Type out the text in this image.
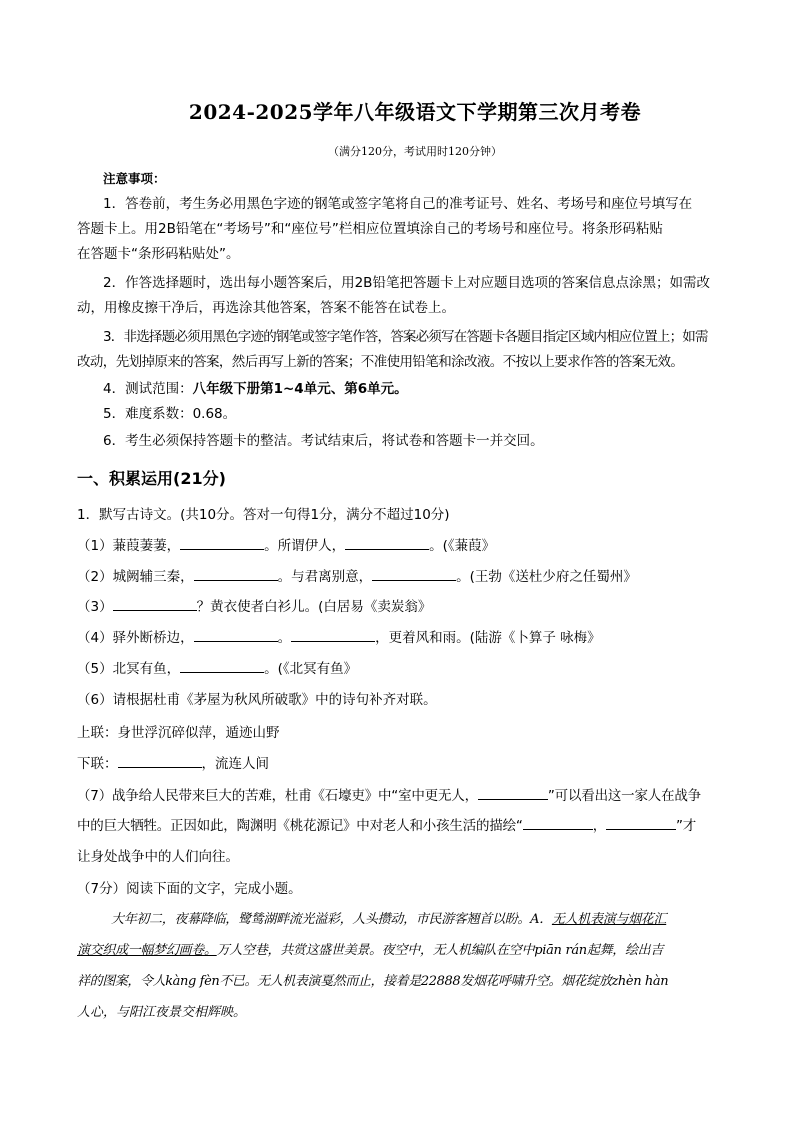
2024-2025学年八年级语文下学期第三次月考卷
（满分120分，考试用时120分钟）
注意事项：
1．答卷前，考生务必用黑色字迹的钢笔或签字笔将自己的准考证号、姓名、考场号和座位号填写在
答题卡上。用2B铅笔在“考场号”和“座位号”栏相应位置填涂自己的考场号和座位号。将条形码粘贴
在答题卡“条形码粘贴处”。
2．作答选择题时，选出每小题答案后，用2B铅笔把答题卡上对应题目选项的答案信息点涂黑；如需改
动，用橡皮擦干净后，再选涂其他答案，答案不能答在试卷上。
3．非选择题必须用黑色字迹的钢笔或签字笔作答，答案必须写在答题卡各题目指定区域内相应位置上；如需
改动，先划掉原来的答案，然后再写上新的答案；不准使用铅笔和涂改液。不按以上要求作答的答案无效。
4．测试范围：八年级下册第1~4单元、第6单元。
5．难度系数：0.68。
6．考生必须保持答题卡的整洁。考试结束后，将试卷和答题卡一并交回。
一、积累运用(21分)
1．默写古诗文。(共10分。答对一句得1分，满分不超过10分)
（1）蒹葭萋萋，	。所谓伊人，	。(《蒹葭》
（2）城阙辅三秦，	。与君离别意，	。(王勃《送杜少府之任蜀州》
（3）	？黄衣使者白衫儿。(白居易《卖炭翁》
（4）驿外断桥边，	。	，更着风和雨。(陆游《卜算子 咏梅》
（5）北冥有鱼，	。(《北冥有鱼》
（6）请根据杜甫《茅屋为秋风所破歌》中的诗句补齐对联。
上联：身世浮沉碎似萍，遁迹山野
下联：	，流连人间
（7）战争给人民带来巨大的苦难，杜甫《石壕吏》中“室中更无人，	”可以看出这一家人在战争
中的巨大牺牲。正因如此，陶渊明《桃花源记》中对老人和小孩生活的描绘“	，	”才
让身处战争中的人们向往。
（7分）阅读下面的文字，完成小题。
大年初二，夜幕降临，鹭鸶湖畔流光溢彩，人头攒动，市民游客翘首以盼。A．无人机表演与烟花汇
演交织成一幅梦幻画卷。万人空巷，共赏这盛世美景。夜空中，无人机编队在空中piān rán起舞，绘出吉
祥的图案，令人kàng fèn不已。无人机表演戛然而止，接着是22888发烟花呼啸升空。烟花绽放zhèn hàn
人心，与阳江夜景交相辉映。
